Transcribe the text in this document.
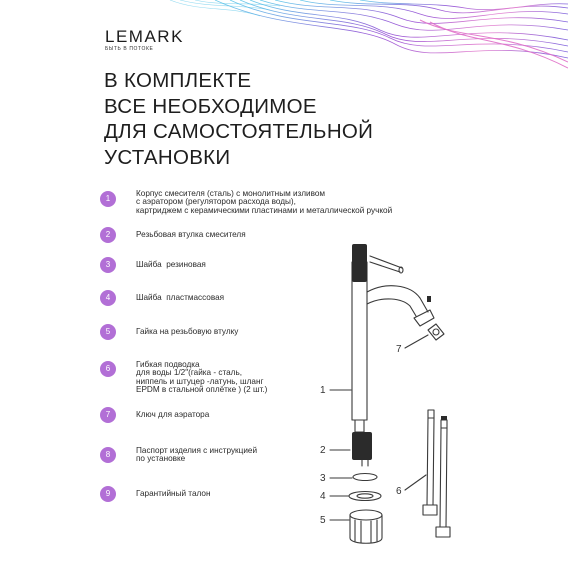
LEMARK
БЫТЬ В ПОТОКЕ
В КОМПЛЕКТЕ
ВСЕ НЕОБХОДИМОЕ
ДЛЯ САМОСТОЯТЕЛЬНОЙ
УСТАНОВКИ
1
Корпус смесителя (сталь) с монолитным изливом
с аэратором (регулятором расхода воды),
картриджем с керамическими пластинами и металлической ручкой
2	Резьбовая втулка смесителя
3	Шайба  резиновая
4	Шайба  пластмассовая
5	Гайка на резьбовую втулку
6	Гибкая подводка
для воды 1/2"(гайка - сталь,
ниппель и штуцер -латунь, шланг
EPDM в стальной оплётке ) (2 шт.)
7	Ключ для аэратора
8	Паспорт изделия с инструкцией
по установке
9	Гарантийный талон
1
2
3
4
5
6
7
